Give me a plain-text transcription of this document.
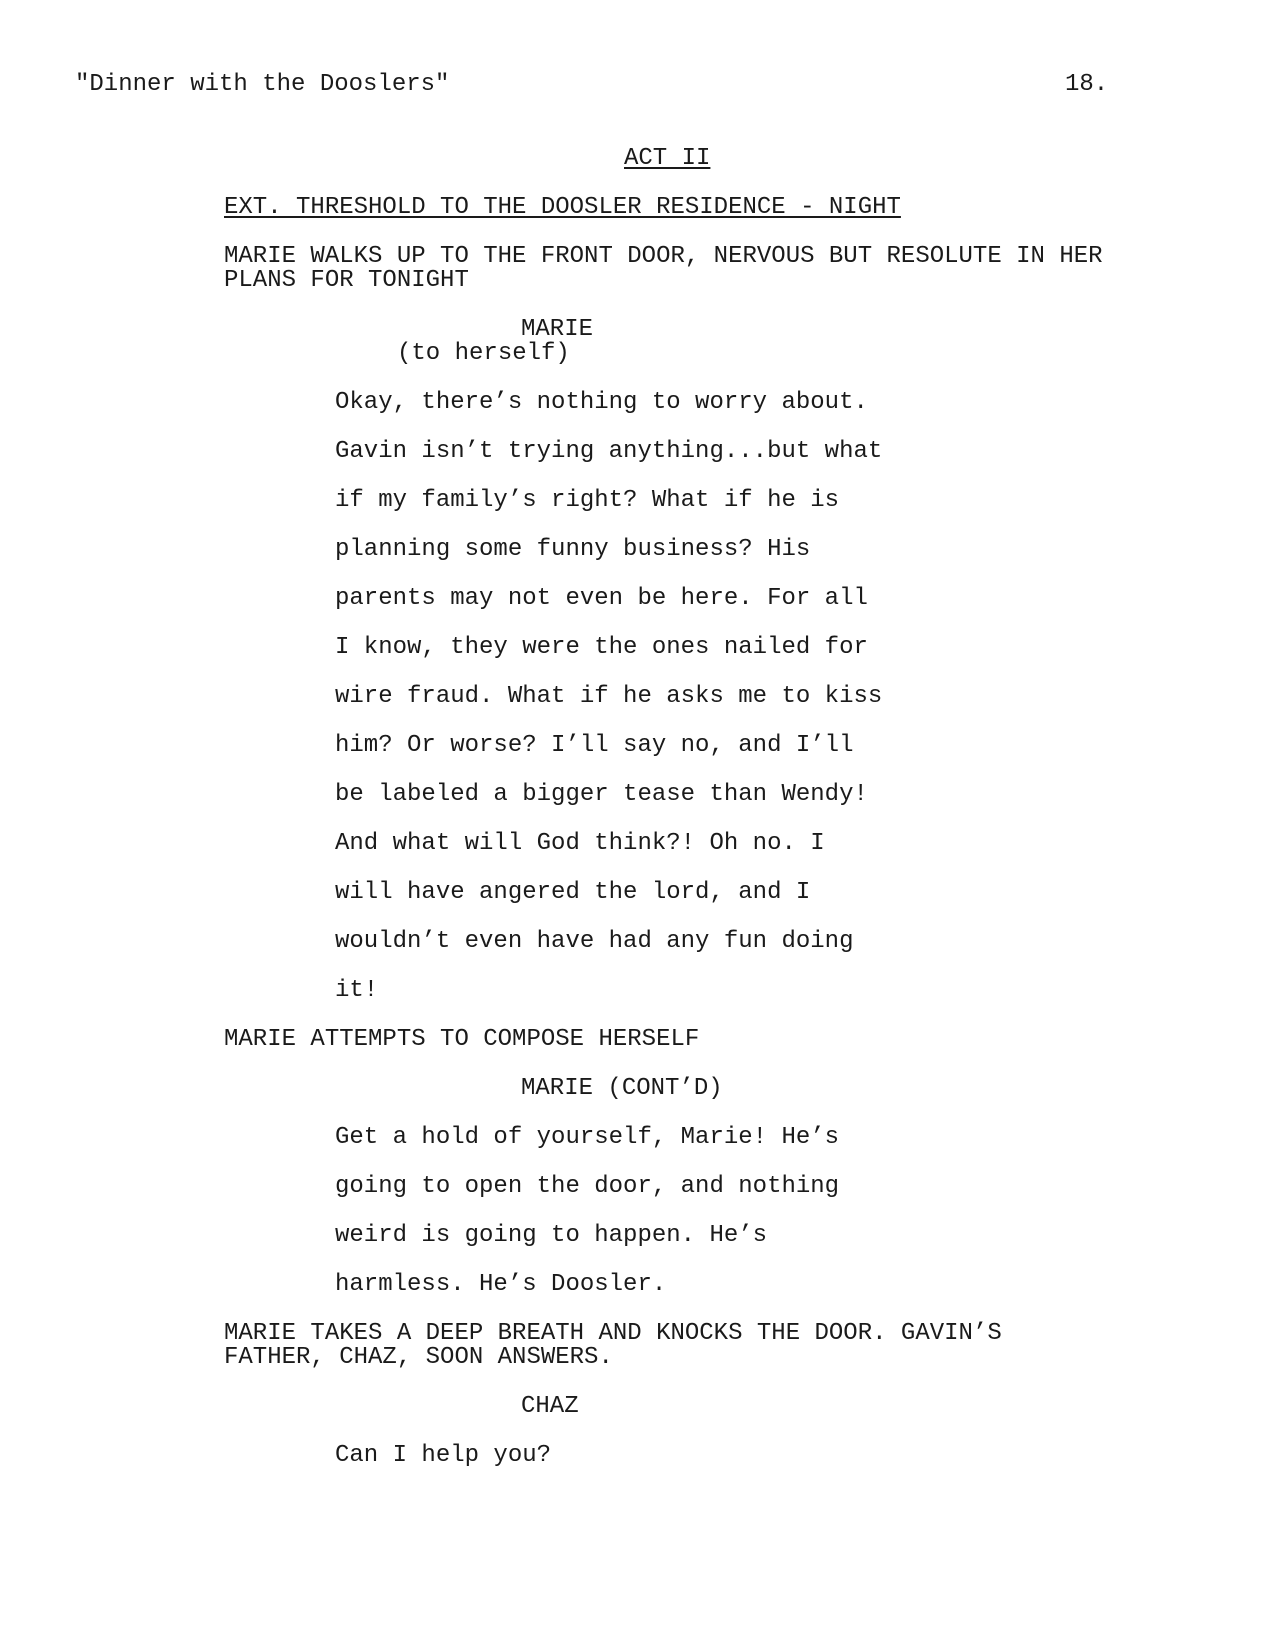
"Dinner with the Dooslers"	18.
ACT II
EXT. THRESHOLD TO THE DOOSLER RESIDENCE - NIGHT
MARIE WALKS UP TO THE FRONT DOOR, NERVOUS BUT RESOLUTE IN HER
PLANS FOR TONIGHT
MARIE
(to herself)
Okay, there’s nothing to worry about.
Gavin isn’t trying anything...but what
if my family’s right? What if he is
planning some funny business? His
parents may not even be here. For all
I know, they were the ones nailed for
wire fraud. What if he asks me to kiss
him? Or worse? I’ll say no, and I’ll
be labeled a bigger tease than Wendy!
And what will God think?! Oh no. I
will have angered the lord, and I
wouldn’t even have had any fun doing
it!
MARIE ATTEMPTS TO COMPOSE HERSELF
MARIE (CONT’D)
Get a hold of yourself, Marie! He’s
going to open the door, and nothing
weird is going to happen. He’s
harmless. He’s Doosler.
MARIE TAKES A DEEP BREATH AND KNOCKS THE DOOR. GAVIN’S
FATHER, CHAZ, SOON ANSWERS.
CHAZ
Can I help you?
